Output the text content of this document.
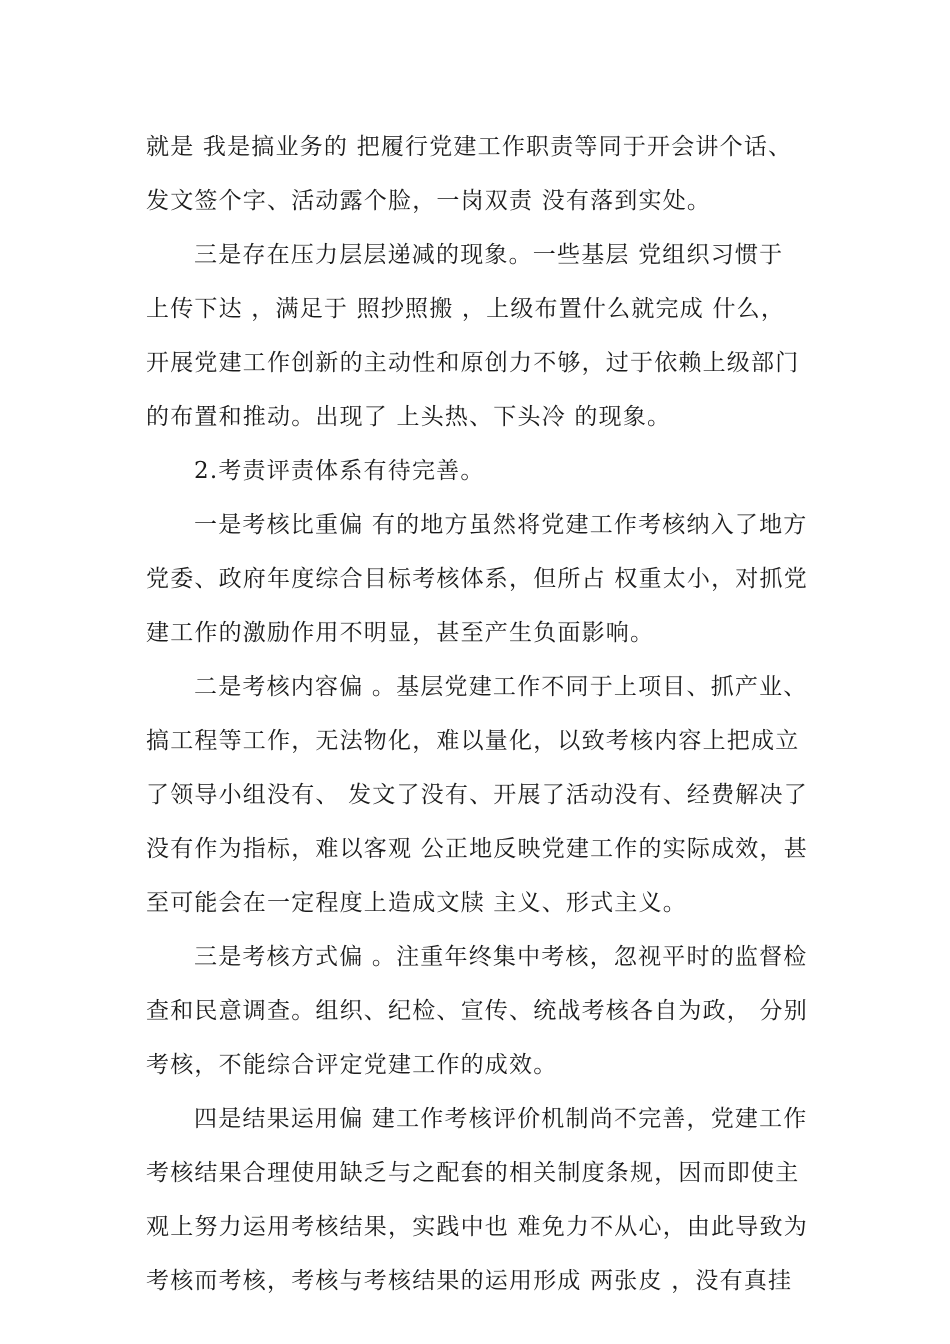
就是 我是搞业务的 把履行党建工作职责等同于开会讲个话、
发文签个字、活动露个脸，一岗双责 没有落到实处。
三是存在压力层层递减的现象。一些基层 党组织习惯于
上传下达 ，满足于 照抄照搬 ，上级布置什么就完成 什么，
开展党建工作创新的主动性和原创力不够，过于依赖上级部门
的布置和推动。出现了 上头热、下头冷 的现象。
2.考责评责体系有待完善。
一是考核比重偏 有的地方虽然将党建工作考核纳入了地方
党委、政府年度综合目标考核体系，但所占 权重太小，对抓党
建工作的激励作用不明显，甚至产生负面影响。
二是考核内容偏 。基层党建工作不同于上项目、抓产业、
搞工程等工作，无法物化，难以量化，以致考核内容上把成立
了领导小组没有、 发文了没有、开展了活动没有、经费解决了
没有作为指标，难以客观 公正地反映党建工作的实际成效，甚
至可能会在一定程度上造成文牍 主义、形式主义。
三是考核方式偏 。注重年终集中考核，忽视平时的监督检
查和民意调查。组织、纪检、宣传、统战考核各自为政， 分别
考核，不能综合评定党建工作的成效。
四是结果运用偏 建工作考核评价机制尚不完善，党建工作
考核结果合理使用缺乏与之配套的相关制度条规，因而即使主
观上努力运用考核结果，实践中也 难免力不从心，由此导致为
考核而考核，考核与考核结果的运用形成 两张皮 ，没有真挂
